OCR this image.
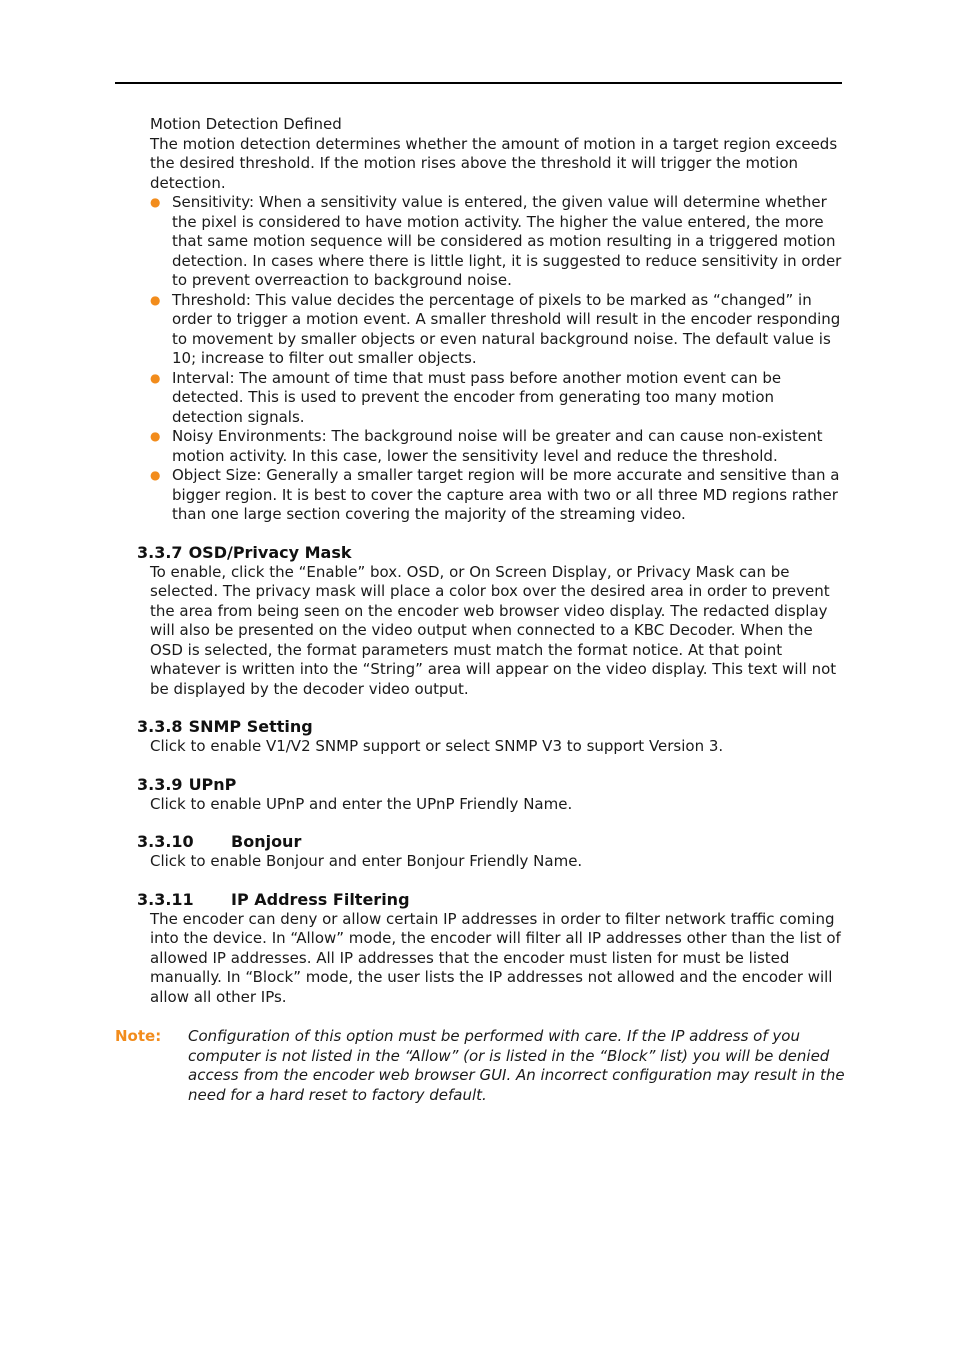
Motion Detection Defined
The motion detection determines whether the amount of motion in a target region exceeds the desired threshold. If the motion rises above the threshold it will trigger the motion detection.
● Sensitivity: When a sensitivity value is entered, the given value will determine whether the pixel is considered to have motion activity. The higher the value entered, the more that same motion sequence will be considered as motion resulting in a triggered motion detection. In cases where there is little light, it is suggested to reduce sensitivity in order to prevent overreaction to background noise.
● Threshold: This value decides the percentage of pixels to be marked as “changed” in order to trigger a motion event. A smaller threshold will result in the encoder responding to movement by smaller objects or even natural background noise. The default value is 10; increase to filter out smaller objects.
● Interval: The amount of time that must pass before another motion event can be detected. This is used to prevent the encoder from generating too many motion detection signals.
● Noisy Environments: The background noise will be greater and can cause non-existent motion activity. In this case, lower the sensitivity level and reduce the threshold.
● Object Size: Generally a smaller target region will be more accurate and sensitive than a bigger region. It is best to cover the capture area with two or all three MD regions rather than one large section covering the majority of the streaming video.
3.3.7 OSD/Privacy Mask
To enable, click the “Enable” box. OSD, or On Screen Display, or Privacy Mask can be selected. The privacy mask will place a color box over the desired area in order to prevent the area from being seen on the encoder web browser video display. The redacted display will also be presented on the video output when connected to a KBC Decoder. When the OSD is selected, the format parameters must match the format notice. At that point whatever is written into the “String” area will appear on the video display. This text will not be displayed by the decoder video output.
3.3.8 SNMP Setting
Click to enable V1/V2 SNMP support or select SNMP V3 to support Version 3.
3.3.9 UPnP
Click to enable UPnP and enter the UPnP Friendly Name.
3.3.10 Bonjour
Click to enable Bonjour and enter Bonjour Friendly Name.
3.3.11 IP Address Filtering
The encoder can deny or allow certain IP addresses in order to filter network traffic coming into the device. In “Allow” mode, the encoder will filter all IP addresses other than the list of allowed IP addresses. All IP addresses that the encoder must listen for must be listed manually. In “Block” mode, the user lists the IP addresses not allowed and the encoder will allow all other IPs.
Note: Configuration of this option must be performed with care. If the IP address of you computer is not listed in the “Allow” (or is listed in the “Block” list) you will be denied access from the encoder web browser GUI. An incorrect configuration may result in the need for a hard reset to factory default.
